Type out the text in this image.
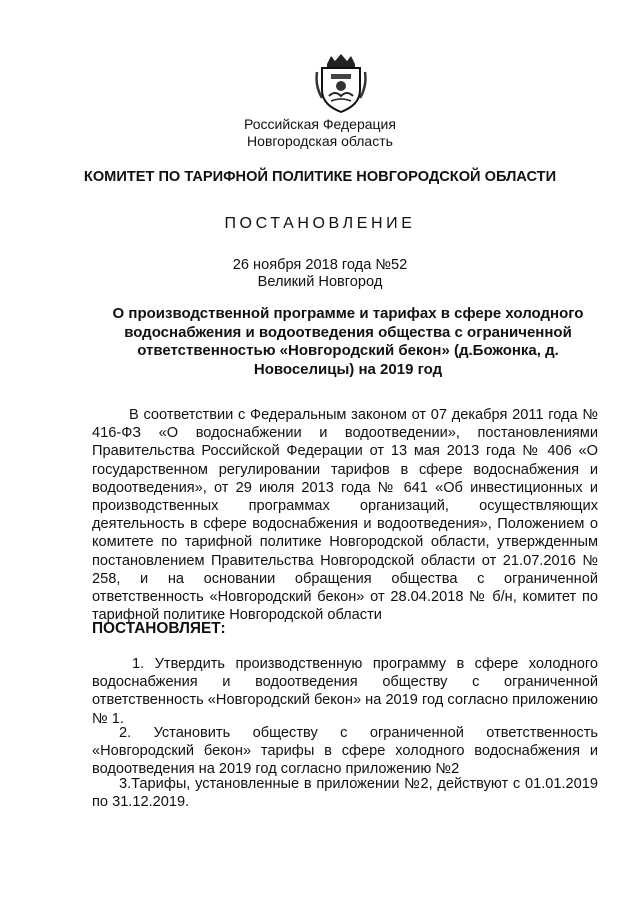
Российская Федерация
Новгородская область
КОМИТЕТ ПО ТАРИФНОЙ ПОЛИТИКЕ НОВГОРОДСКОЙ ОБЛАСТИ
ПОСТАНОВЛЕНИЕ
26 ноября 2018 года №52
Великий Новгород
О производственной программе и тарифах в сфере холодного водоснабжения и водоотведения общества с ограниченной ответственностью «Новгородский бекон» (д.Божонка, д. Новоселицы) на 2019 год
В соответствии с Федеральным законом от 07 декабря 2011 года № 416-ФЗ «О водоснабжении и водоотведении», постановлениями Правительства Российской Федерации от 13 мая 2013 года № 406 «О государственном регулировании тарифов в сфере водоснабжения и водоотведения», от 29 июля 2013 года № 641 «Об инвестиционных и производственных программах организаций, осуществляющих деятельность в сфере водоснабжения и водоотведения», Положением о комитете по тарифной политике Новгородской области, утвержденным постановлением Правительства Новгородской области от 21.07.2016 № 258, и на основании обращения общества с ограниченной ответственность «Новгородский бекон» от 28.04.2018 № б/н, комитет по тарифной политике Новгородской области
ПОСТАНОВЛЯЕТ:
1. Утвердить производственную программу в сфере холодного водоснабжения и водоотведения обществу с ограниченной ответственность «Новгородский бекон» на 2019 год согласно приложению № 1.
2. Установить обществу с ограниченной ответственность «Новгородский бекон» тарифы в сфере холодного водоснабжения и водоотведения на 2019 год согласно приложению №2
3.Тарифы, установленные в приложении №2, действуют с 01.01.2019 по 31.12.2019.
